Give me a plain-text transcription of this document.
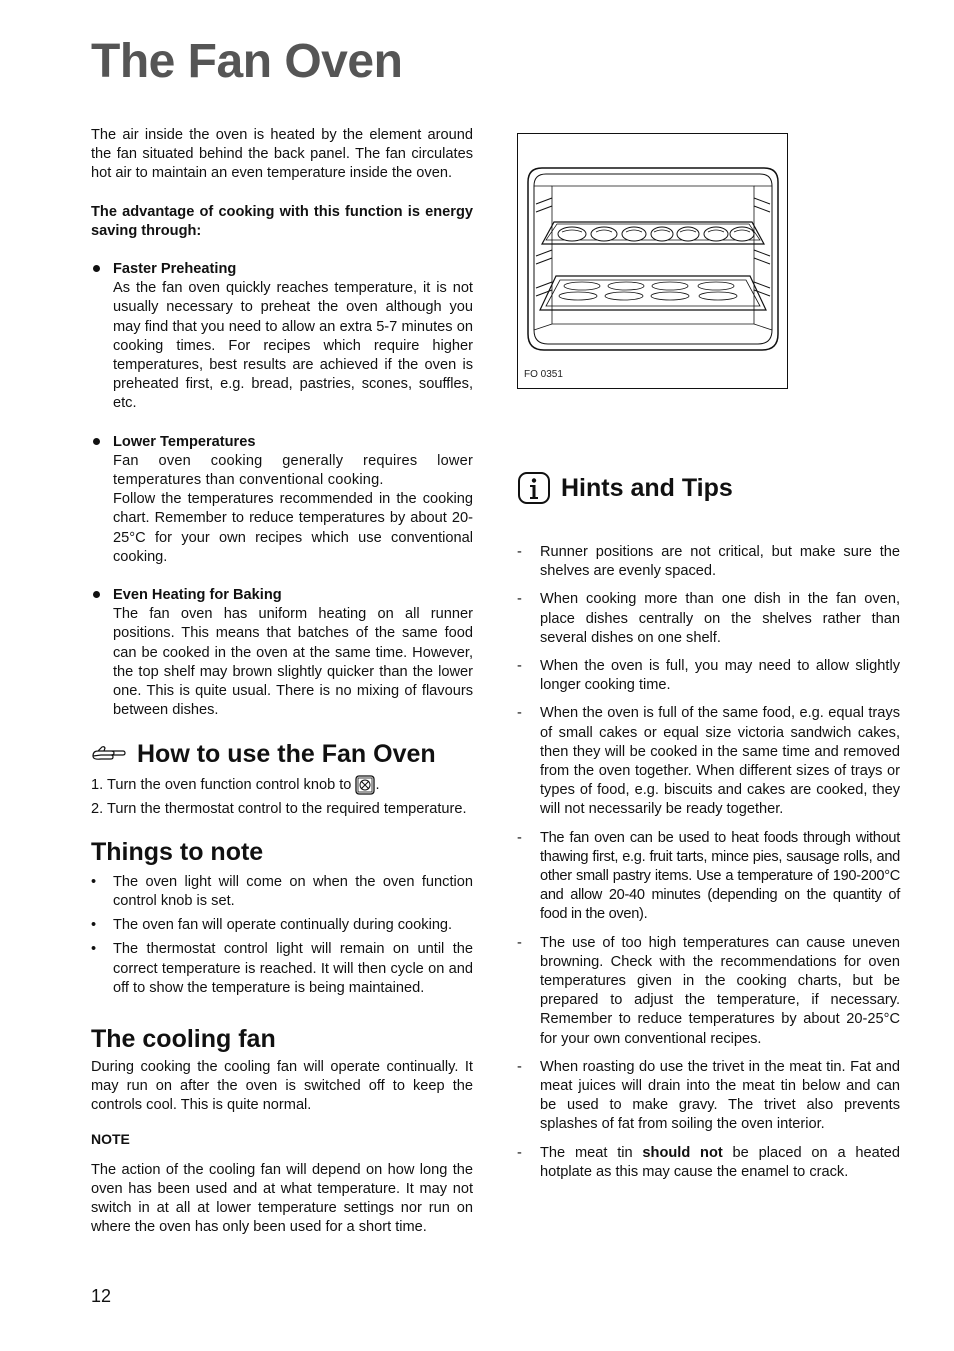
The Fan Oven

The air inside the oven is heated by the element around the fan situated behind the back panel. The fan circulates hot air to maintain an even temperature inside the oven.

The advantage of cooking with this function is energy saving through:

Faster Preheating
As the fan oven quickly reaches temperature, it is not usually necessary to preheat the oven although you may find that you need to allow an extra 5-7 minutes on cooking times. For recipes which require higher temperatures, best results are achieved if the oven is preheated first, e.g. bread, pastries, scones, souffles, etc.
Lower Temperatures
Fan oven cooking generally requires lower temperatures than conventional cooking.
Follow the temperatures recommended in the cooking chart. Remember to reduce temperatures by about 20-25°C for your own recipes which use conventional cooking.
Even Heating for Baking
The fan oven has uniform heating on all runner positions. This means that batches of the same food can be cooked in the oven at the same time. However, the top shelf may brown slightly quicker than the lower one. This is quite usual. There is no mixing of flavours between dishes.
How to use the Fan Oven
1. Turn the oven function control knob to .
2. Turn the thermostat control to the required temperature.
Things to note
• The oven light will come on when the oven function control knob is set.
• The oven fan will operate continually during cooking.
• The thermostat control light will remain on until the correct temperature is reached. It will then cycle on and off to show the temperature is being maintained.
The cooling fan

During cooking the cooling fan will operate continually. It may run on after the oven is switched off to keep the controls cool. This is quite normal.

NOTE

The action of the cooling fan will depend on how long the oven has been used and at what temperature. It may not switch in at all at lower temperature settings nor run on where the oven has only been used for a short time.

FO 0351
Hints and Tips
- Runner positions are not critical, but make sure the shelves are evenly spaced.
- When cooking more than one dish in the fan oven, place dishes centrally on the shelves rather than several dishes on one shelf.
- When the oven is full, you may need to allow slightly longer cooking time.
- When the oven is full of the same food, e.g. equal trays of small cakes or equal size victoria sandwich cakes, then they will be cooked in the same time and removed from the oven together. When different sizes of trays or types of food, e.g. biscuits and cakes are cooked, they will not necessarily be ready together.
- The fan oven can be used to heat foods through without thawing first, e.g. fruit tarts, mince pies, sausage rolls, and other small pastry items. Use a temperature of 190-200°C and allow 20-40 minutes (depending on the quantity of food in the oven).
- The use of too high temperatures can cause uneven browning. Check with the recommendations for oven temperatures given in the cooking charts, but be prepared to adjust the temperature, if necessary. Remember to reduce temperatures by about 20-25°C for your own conventional recipes.
- When roasting do use the trivet in the meat tin. Fat and meat juices will drain into the meat tin below and can be used to make gravy. The trivet also prevents splashes of fat from soiling the oven interior.
- The meat tin should not be placed on a heated hotplate as this may cause the enamel to crack.
12
